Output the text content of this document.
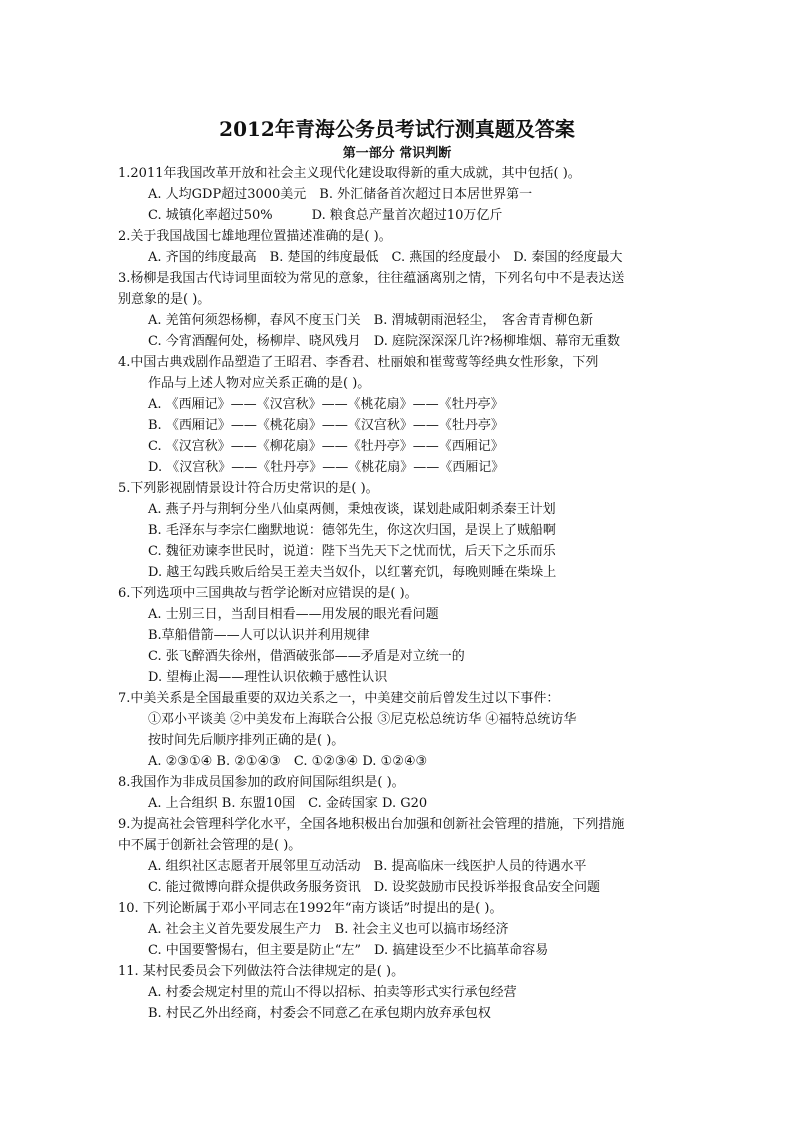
2012年青海公务员考试行测真题及答案
第一部分 常识判断
1.2011年我国改革开放和社会主义现代化建设取得新的重大成就，其中包括( )。
A. 人均GDP超过3000美元　B. 外汇储备首次超过日本居世界第一
C. 城镇化率超过50%　　　D. 粮食总产量首次超过10万亿斤
2.关于我国战国七雄地理位置描述准确的是( )。
A. 齐国的纬度最高　B. 楚国的纬度最低　C. 燕国的经度最小　D. 秦国的经度最大
3.杨柳是我国古代诗词里面较为常见的意象，往往蕴涵离别之情，下列名句中不是表达送
别意象的是( )。
A. 羌笛何须怨杨柳，春风不度玉门关　B. 渭城朝雨浥轻尘，　客舍青青柳色新
C. 今宵酒醒何处，杨柳岸、晓风残月　D. 庭院深深深几许?杨柳堆烟、幕帘无重数
4.中国古典戏剧作品塑造了王昭君、李香君、杜丽娘和崔莺莺等经典女性形象，下列
作品与上述人物对应关系正确的是( )。
A. 《西厢记》——《汉宫秋》——《桃花扇》——《牡丹亭》
B. 《西厢记》——《桃花扇》——《汉宫秋》——《牡丹亭》
C. 《汉宫秋》——《柳花扇》——《牡丹亭》——《西厢记》
D. 《汉宫秋》——《牡丹亭》——《桃花扇》——《西厢记》
5.下列影视剧情景设计符合历史常识的是( )。
A. 燕子丹与荆轲分坐八仙桌两侧，秉烛夜谈，谋划赴咸阳刺杀秦王计划
B. 毛泽东与李宗仁幽默地说：德邻先生，你这次归国，是误上了贼船啊
C. 魏征劝谏李世民时，说道：陛下当先天下之忧而忧，后天下之乐而乐
D. 越王勾践兵败后给吴王差夫当奴仆，以红薯充饥，每晚则睡在柴垛上
6.下列选项中三国典故与哲学论断对应错误的是( )。
A. 士别三日，当刮目相看——用发展的眼光看问题
B.草船借箭——人可以认识并利用规律
C. 张飞醉酒失徐州，借酒破张郃——矛盾是对立统一的
D. 望梅止渴——理性认识依赖于感性认识
7.中美关系是全国最重要的双边关系之一，中美建交前后曾发生过以下事件：
①邓小平谈美 ②中美发布上海联合公报 ③尼克松总统访华 ④福特总统访华
按时间先后顺序排列正确的是( )。
A. ②③①④ B. ②①④③　C. ①②③④ D. ①②④③
8.我国作为非成员国参加的政府间国际组织是( )。
A. 上合组织 B. 东盟10国　C. 金砖国家 D. G20
9.为提高社会管理科学化水平，全国各地积极出台加强和创新社会管理的措施，下列措施
中不属于创新社会管理的是( )。
A. 组织社区志愿者开展邻里互动活动　B. 提高临床一线医护人员的待遇水平
C. 能过微博向群众提供政务服务资讯　D. 设奖鼓励市民投诉举报食品安全问题
10. 下列论断属于邓小平同志在1992年“南方谈话”时提出的是( )。
A. 社会主义首先要发展生产力　B. 社会主义也可以搞市场经济
C. 中国要警惕右，但主要是防止“左”　D. 搞建设至少不比搞革命容易
11. 某村民委员会下列做法符合法律规定的是( )。
A. 村委会规定村里的荒山不得以招标、拍卖等形式实行承包经营
B. 村民乙外出经商，村委会不同意乙在承包期内放弃承包权
